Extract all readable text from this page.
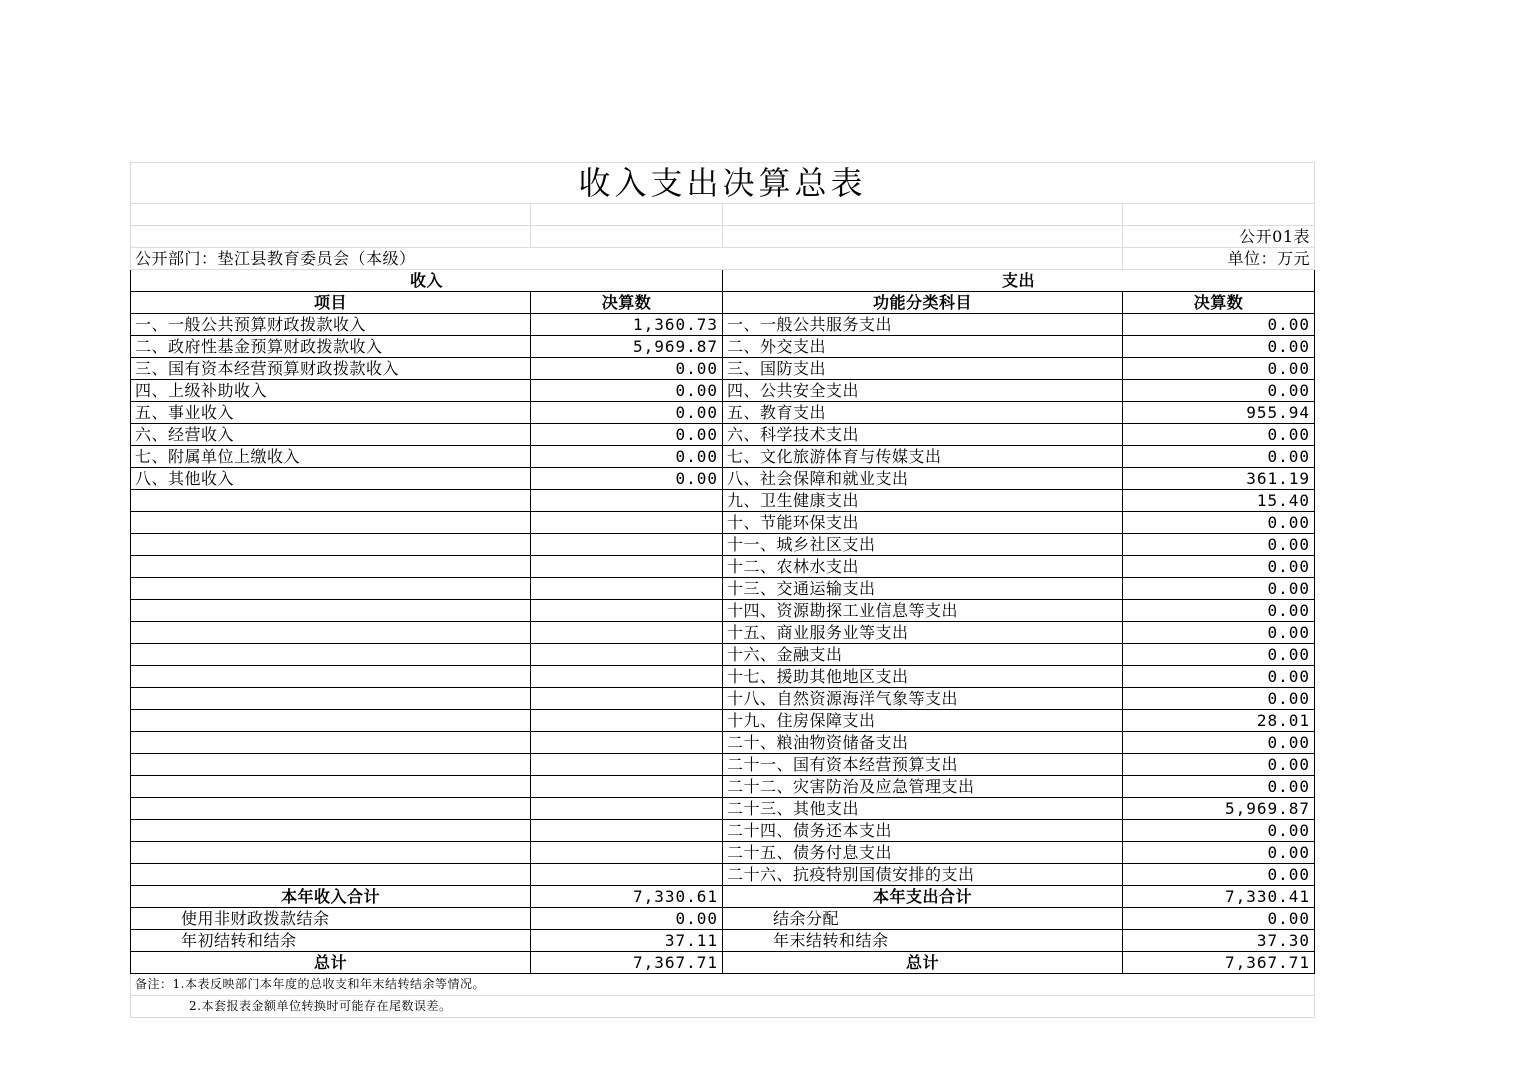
收入支出决算总表			

			公开01表
公开部门：垫江县教育委员会（本级）			单位：万元
收入		支出	
项目	决算数	功能分类科目	决算数
一、一般公共预算财政拨款收入	1,360.73	一、一般公共服务支出	0.00
二、政府性基金预算财政拨款收入	5,969.87	二、外交支出	0.00
三、国有资本经营预算财政拨款收入	0.00	三、国防支出	0.00
四、上级补助收入	0.00	四、公共安全支出	0.00
五、事业收入	0.00	五、教育支出	955.94
六、经营收入	0.00	六、科学技术支出	0.00
七、附属单位上缴收入	0.00	七、文化旅游体育与传媒支出	0.00
八、其他收入	0.00	八、社会保障和就业支出	361.19
		九、卫生健康支出	15.40
		十、节能环保支出	0.00
		十一、城乡社区支出	0.00
		十二、农林水支出	0.00
		十三、交通运输支出	0.00
		十四、资源勘探工业信息等支出	0.00
		十五、商业服务业等支出	0.00
		十六、金融支出	0.00
		十七、援助其他地区支出	0.00
		十八、自然资源海洋气象等支出	0.00
		十九、住房保障支出	28.01
		二十、粮油物资储备支出	0.00
		二十一、国有资本经营预算支出	0.00
		二十二、灾害防治及应急管理支出	0.00
		二十三、其他支出	5,969.87
		二十四、债务还本支出	0.00
		二十五、债务付息支出	0.00
		二十六、抗疫特别国债安排的支出	0.00
本年收入合计	7,330.61	本年支出合计	7,330.41
使用非财政拨款结余	0.00	结余分配	0.00
年初结转和结余	37.11	年末结转和结余	37.30
总计	7,367.71	总计	7,367.71
备注：1.本表反映部门本年度的总收支和年末结转结余等情况。			
2.本套报表金额单位转换时可能存在尾数误差。			
